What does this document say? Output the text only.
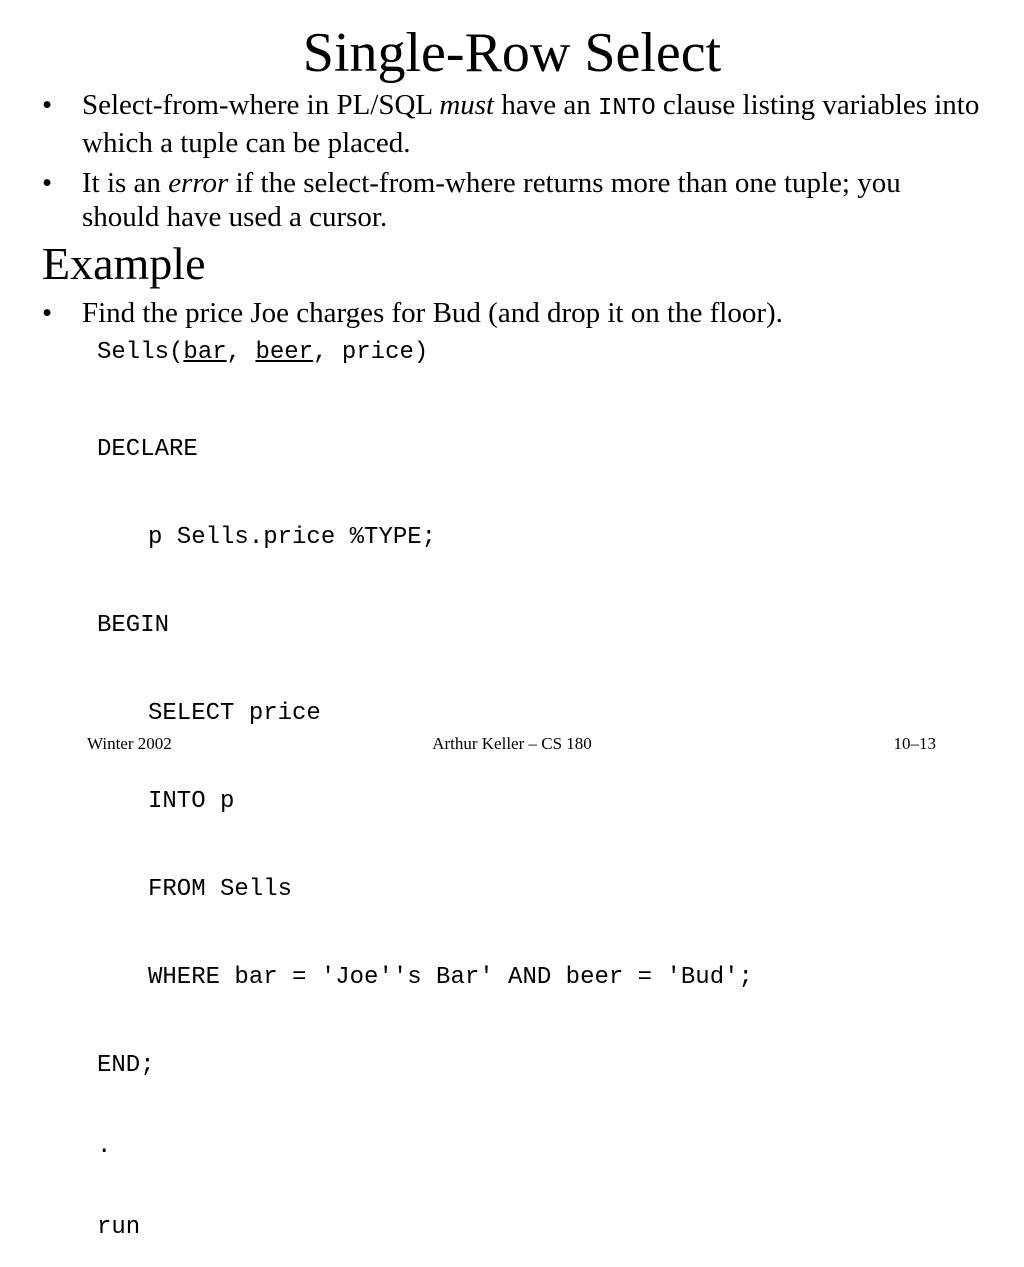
Single-Row Select
• Select-from-where in PL/SQL must have an INTO clause listing variables into which a tuple can be placed.
• It is an error if the select-from-where returns more than one tuple; you should have used a cursor.
Example
• Find the price Joe charges for Bud (and drop it on the floor).
Sells(bar, beer, price)

DECLARE

p Sells.price %TYPE;

BEGIN

SELECT price

INTO p

FROM Sells

WHERE bar = 'Joe''s Bar' AND beer = 'Bud';

END;

.

run

Winter 2002	Arthur Keller – CS 180	10–13
